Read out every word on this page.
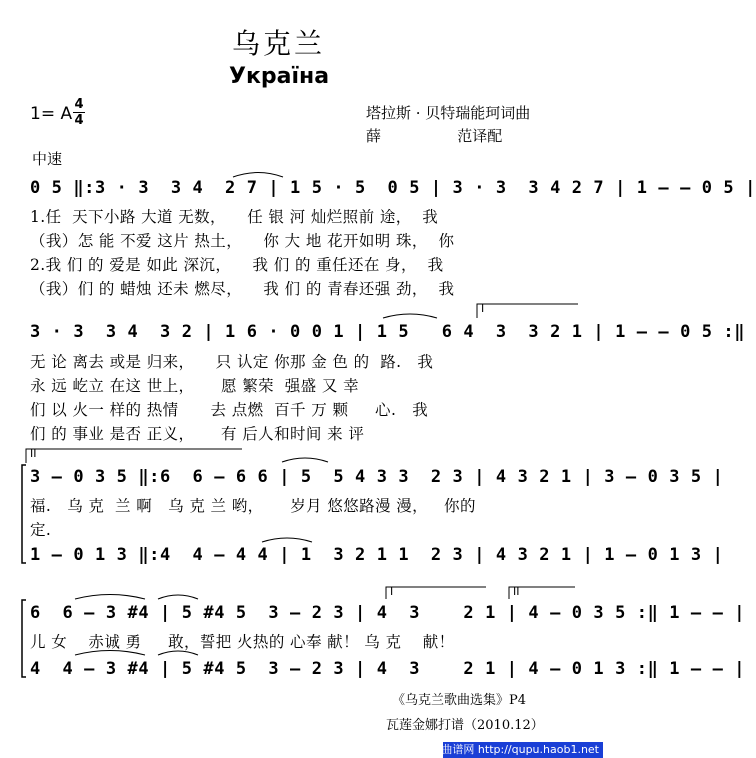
乌克兰
Україна
1= A 4
4	塔拉斯 · 贝特瑞能珂词曲
薛                范译配
中速
0 5 ‖:3 · 3  3 4  2 7 | 1 5 · 5  0 5 | 3 · 3  3 4 2 7 | 1 – – 0 5 |
1.任  天下小路 大道 无数，    任 银 河 灿烂照前 途，  我
（我）怎 能 不爱 这片 热土，    你 大 地 花开如明 珠，  你
2.我 们 的 爱是 如此 深沉，    我 们 的 重任还在 身，  我
（我）们 的 蜡烛 还未 燃尽，    我 们 的 青春还强 劲，  我
I
3 · 3  3 4  3 2 | 1 6 · 0 0 1 | 1 5   6 4  3  3 2 1 | 1 – – 0 5 :‖
无 论 离去 或是 归来，    只 认定 你那 金 色 的  路.   我
永 远 屹立 在这 世上，     愿 繁荣  强盛 又 幸
们 以 火一 样的 热情      去 点燃  百千 万 颗     心.   我
们 的 事业 是否 正义，     有 后人和时间 来 评
II
3 – 0 3 5 ‖:6  6 – 6 6 | 5  5 4 3 3  2 3 | 4 3 2 1 | 3 – 0 3 5 |
福.   乌 克  兰 啊   乌 克 兰 哟，     岁月 悠悠路漫 漫，   你的
定.
1 – 0 1 3 ‖:4  4 – 4 4 | 1  3 2 1 1  2 3 | 4 3 2 1 | 1 – 0 1 3 |
I	II
6  6 – 3 #4 | 5 #4 5  3 – 2 3 | 4  3    2 1 | 4 – 0 3 5 :‖ 1 – – |
儿 女    赤诚 勇     敢，誓把 火热的 心奉 献！ 乌 克    献！
4  4 – 3 #4 | 5 #4 5  3 – 2 3 | 4  3    2 1 | 4 – 0 1 3 :‖ 1 – – |
《乌克兰歌曲选集》P4
瓦莲金娜打谱（2010.12）
曲谱上传于中国曲谱网 http://qupu.haob1.net
